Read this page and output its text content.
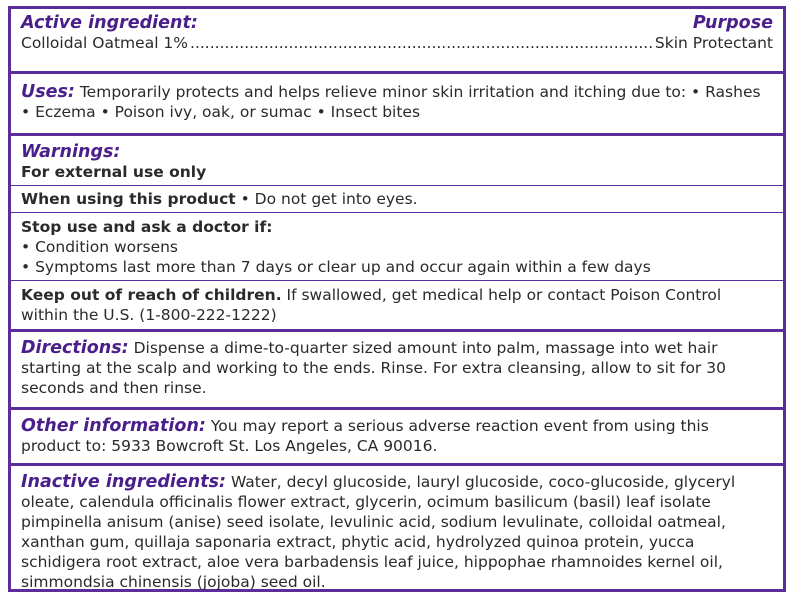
Active ingredient:	Purpose
Colloidal Oatmeal 1%
.....	Skin Protectant

Uses: Temporarily protects and helps relieve minor skin irritation and itching due to: • Rashes • Eczema • Poison ivy, oak, or sumac • Insect bites

Warnings:

For external use only

When using this product • Do not get into eyes.

Stop use and ask a doctor if:

• Condition worsens

• Symptoms last more than 7 days or clear up and occur again within a few days

Keep out of reach of children. If swallowed, get medical help or contact Poison Control within the U.S. (1-800-222-1222)

Directions: Dispense a dime-to-quarter sized amount into palm, massage into wet hair starting at the scalp and working to the ends. Rinse. For extra cleansing, allow to sit for 30 seconds and then rinse.

Other information: You may report a serious adverse reaction event from using this product to: 5933 Bowcroft St. Los Angeles, CA 90016.

Inactive ingredients: Water, decyl glucoside, lauryl glucoside, coco-glucoside, glyceryl oleate, calendula officinalis flower extract, glycerin, ocimum basilicum (basil) leaf isolate pimpinella anisum (anise) seed isolate, levulinic acid, sodium levulinate, colloidal oatmeal, xanthan gum, quillaja saponaria extract, phytic acid, hydrolyzed quinoa protein, yucca schidigera root extract, aloe vera barbadensis leaf juice, hippophae rhamnoides kernel oil, simmondsia chinensis (jojoba) seed oil.
